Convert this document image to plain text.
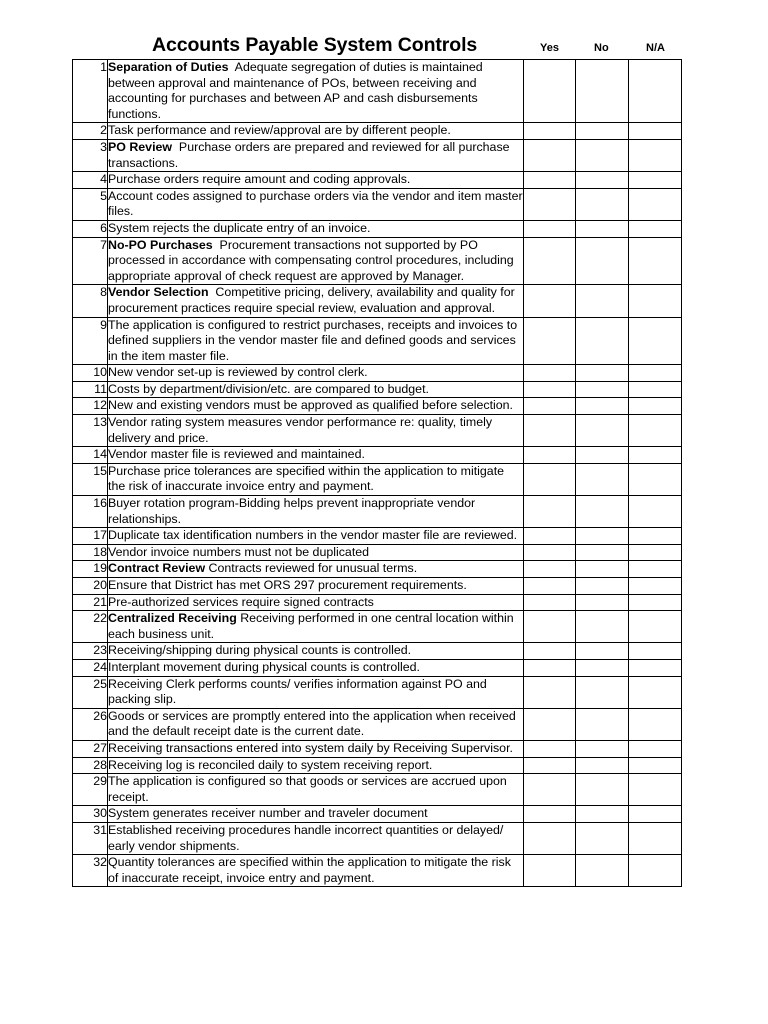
Accounts Payable System Controls	Yes	No	N/A
1	Separation of Duties  Adequate segregation of duties is maintained between approval and maintenance of POs, between receiving and accounting for purchases and between AP and cash disbursements functions.			
2	Task performance and review/approval are by different people.			
3	PO Review  Purchase orders are prepared and reviewed for all purchase transactions.			
4	Purchase orders require amount and coding approvals.			
5	Account codes assigned to purchase orders via the vendor and item master files.			
6	System rejects the duplicate entry of an invoice.			
7	No-PO Purchases  Procurement transactions not supported by PO processed in accordance with compensating control procedures, including appropriate approval of check request are approved by Manager.			
8	Vendor Selection  Competitive pricing, delivery, availability and quality for procurement practices require special review, evaluation and approval.			
9	The application is configured to restrict purchases, receipts and invoices to defined suppliers in the vendor master file and defined goods and services in the item master file.			
10	New vendor set-up is reviewed by control clerk.			
11	Costs by department/division/etc. are compared to budget.			
12	New and existing vendors must be approved as qualified before selection.			
13	Vendor rating system measures vendor performance re: quality, timely delivery and price.			
14	Vendor master file is reviewed and maintained.			
15	Purchase price tolerances are specified within the application to mitigate the risk of inaccurate invoice entry and payment.			
16	Buyer rotation program-Bidding helps prevent inappropriate vendor relationships.			
17	Duplicate tax identification numbers in the vendor master file are reviewed.			
18	Vendor invoice numbers must not be duplicated			
19	Contract Review Contracts reviewed for unusual terms.			
20	Ensure that District has met ORS 297 procurement requirements.			
21	Pre-authorized services require signed contracts			
22	Centralized Receiving Receiving performed in one central location within each business unit.			
23	Receiving/shipping during physical counts is controlled.			
24	Interplant movement during physical counts is controlled.			
25	Receiving Clerk performs counts/ verifies information against PO and packing slip.			
26	Goods or services are promptly entered into the application when received and the default receipt date is the current date.			
27	Receiving transactions entered into system daily by Receiving Supervisor.			
28	Receiving log is reconciled daily to system receiving report.			
29	The application is configured so that goods or services are accrued upon receipt.			
30	System generates receiver number and traveler document			
31	Established receiving procedures handle incorrect quantities or delayed/ early vendor shipments.			
32	Quantity tolerances are specified within the application to mitigate the risk of inaccurate receipt, invoice entry and payment.			
